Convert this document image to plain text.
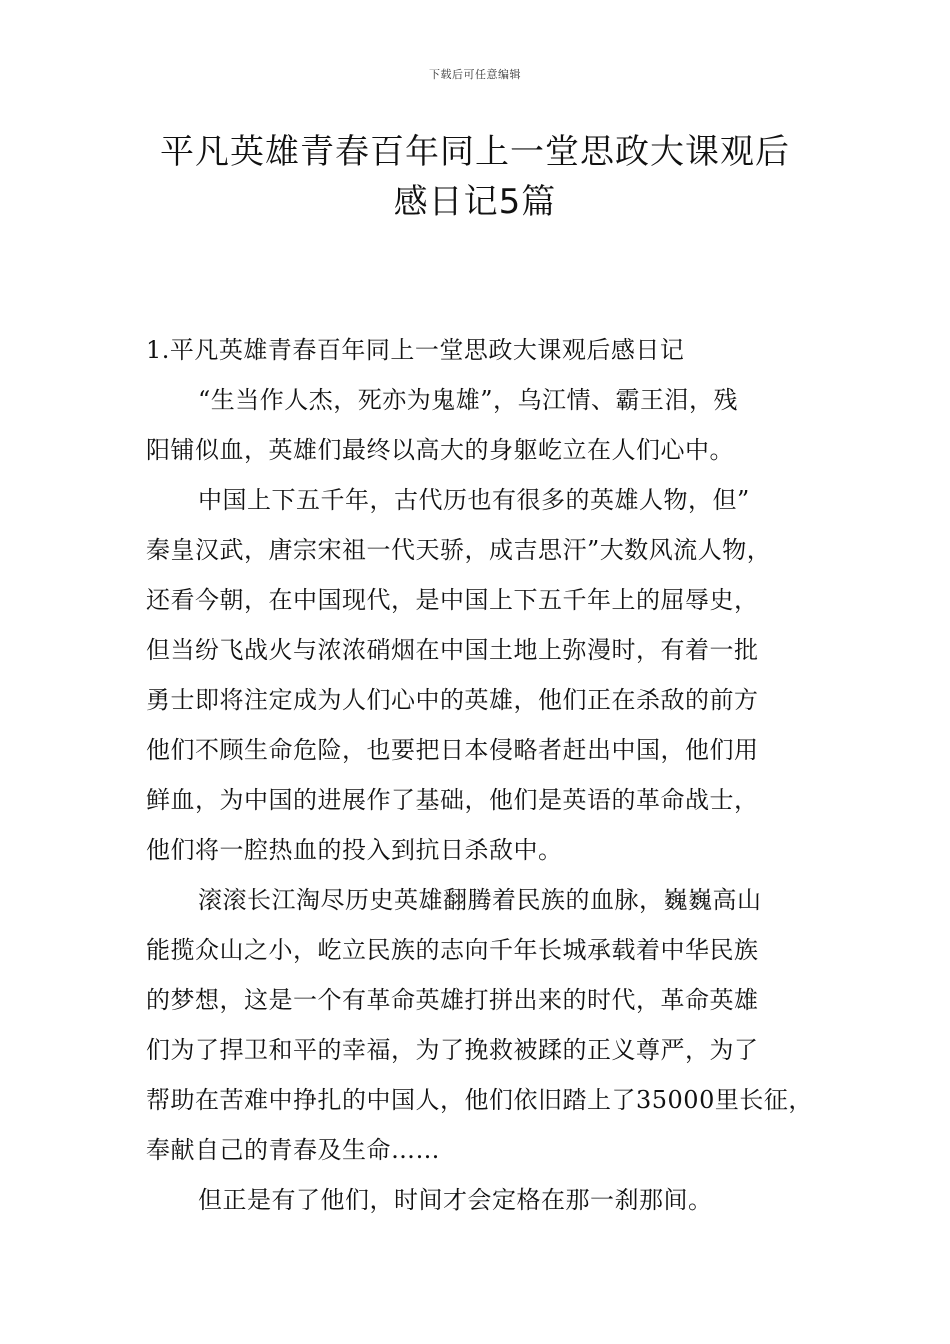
下载后可任意编辑
平凡英雄青春百年同上一堂思政大课观后
感日记5篇
1.平凡英雄青春百年同上一堂思政大课观后感日记
“生当作人杰，死亦为鬼雄”，乌江情、霸王泪，残
阳铺似血，英雄们最终以高大的身躯屹立在人们心中。
中国上下五千年，古代历也有很多的英雄人物，但”
秦皇汉武，唐宗宋祖一代天骄，成吉思汗”大数风流人物，
还看今朝，在中国现代，是中国上下五千年上的屈辱史，
但当纷飞战火与浓浓硝烟在中国土地上弥漫时，有着一批
勇士即将注定成为人们心中的英雄，他们正在杀敌的前方
他们不顾生命危险，也要把日本侵略者赶出中国，他们用
鲜血，为中国的进展作了基础，他们是英语的革命战士，
他们将一腔热血的投入到抗日杀敌中。
滚滚长江淘尽历史英雄翻腾着民族的血脉，巍巍高山
能揽众山之小，屹立民族的志向千年长城承载着中华民族
的梦想，这是一个有革命英雄打拼出来的时代，革命英雄
们为了捍卫和平的幸福，为了挽救被蹂的正义尊严，为了
帮助在苦难中挣扎的中国人，他们依旧踏上了35000里长征，
奉献自己的青春及生命……
但正是有了他们，时间才会定格在那一刹那间。
